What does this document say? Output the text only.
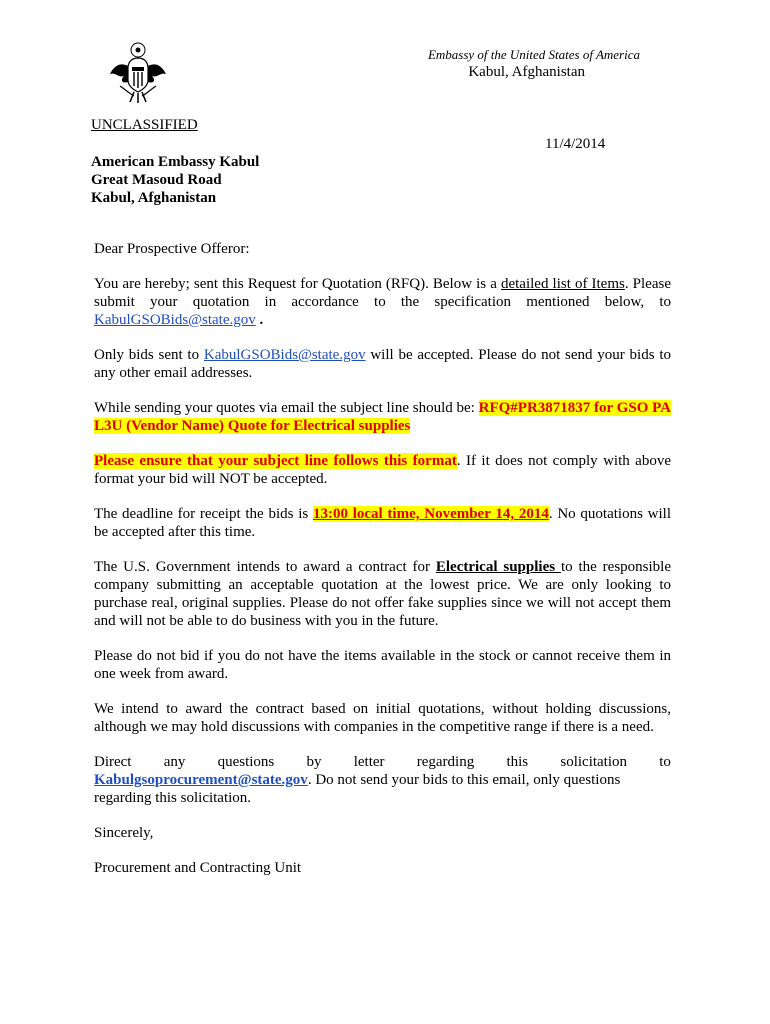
Embassy of the United States of America
Kabul, Afghanistan
UNCLASSIFIED
11/4/2014
American Embassy Kabul
Great Masoud Road
Kabul, Afghanistan

Dear Prospective Offeror:

You are hereby; sent this Request for Quotation (RFQ). Below is a detailed list of Items. Please submit your quotation in accordance to the specification mentioned below, to KabulGSOBids@state.gov .

Only bids sent to KabulGSOBids@state.gov will be accepted. Please do not send your bids to any other email addresses.

While sending your quotes via email the subject line should be: RFQ#PR3871837 for GSO PA L3U (Vendor Name) Quote for Electrical supplies

Please ensure that your subject line follows this format. If it does not comply with above format your bid will NOT be accepted.

The deadline for receipt the bids is 13:00 local time, November 14, 2014. No quotations will be accepted after this time.

The U.S. Government intends to award a contract for Electrical supplies to the responsible company submitting an acceptable quotation at the lowest price. We are only looking to purchase real, original supplies. Please do not offer fake supplies since we will not accept them and will not be able to do business with you in the future.

Please do not bid if you do not have the items available in the stock or cannot receive them in one week from award.

We intend to award the contract based on initial quotations, without holding discussions, although we may hold discussions with companies in the competitive range if there is a need.

Direct any questions by letter regarding this solicitation to
Kabulgsoprocurement@state.gov. Do not send your bids to this email, only questions regarding this solicitation.

Sincerely,

Procurement and Contracting Unit
